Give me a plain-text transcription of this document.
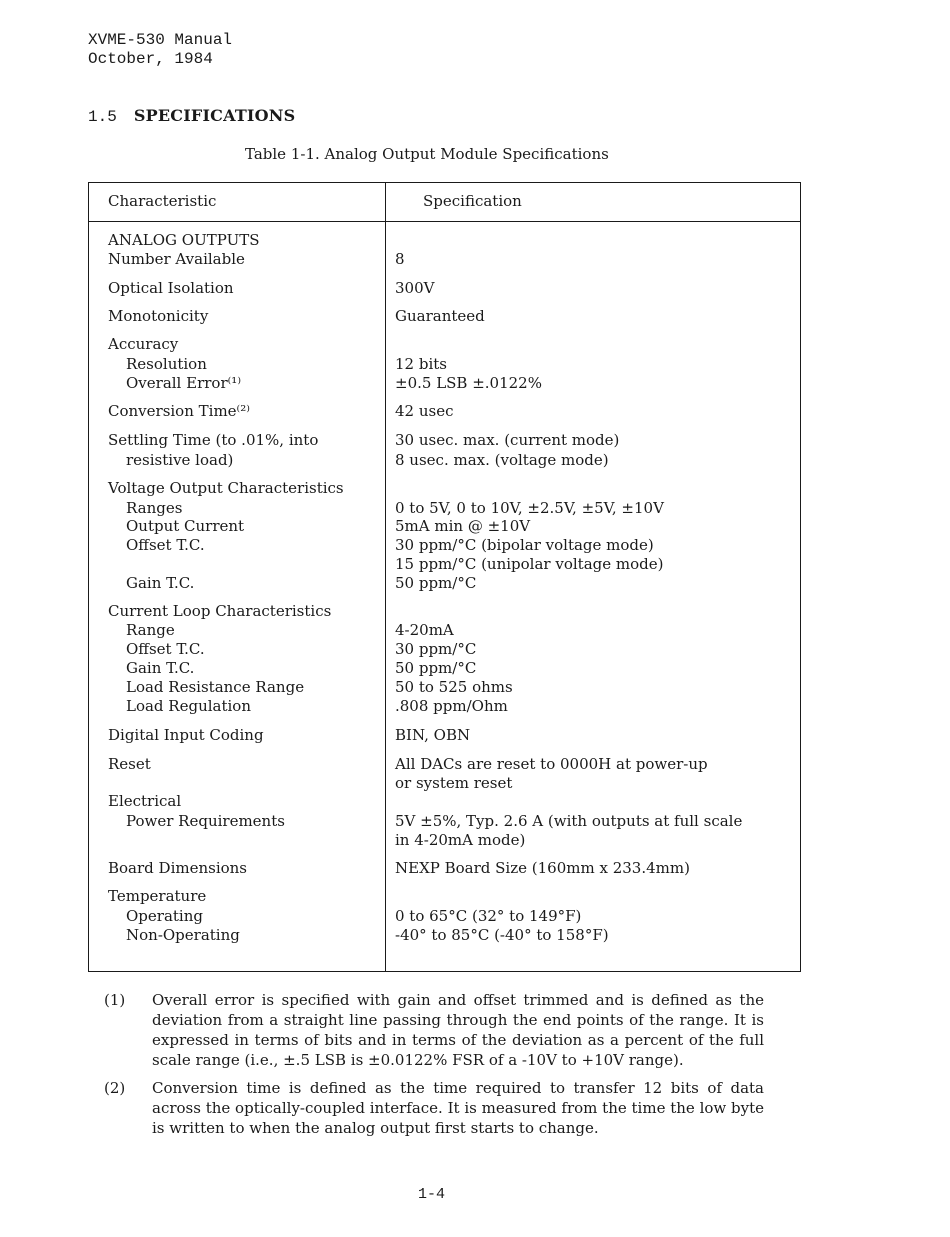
XVME-530 Manual
October, 1984
1.5 SPECIFICATIONS
Table 1-1. Analog Output Module Specifications
Characteristic	Specification
ANALOG OUTPUTS
Number Available	8
Optical Isolation	300V
Monotonicity	Guaranteed
Accuracy
Resolution	12 bits
Overall Error⁽¹⁾	±0.5 LSB ±.0122%
Conversion Time⁽²⁾	42 usec
Settling Time (to .01%, into	30 usec. max. (current mode)
resistive load)	8 usec. max. (voltage mode)
Voltage Output Characteristics
Ranges	0 to 5V, 0 to 10V, ±2.5V, ±5V, ±10V
Output Current	5mA min @ ±10V
Offset T.C.	30 ppm/°C (bipolar voltage mode)
15 ppm/°C (unipolar voltage mode)
Gain T.C.	50 ppm/°C
Current Loop Characteristics
Range	4-20mA
Offset T.C.	30 ppm/°C
Gain T.C.	50 ppm/°C
Load Resistance Range	50 to 525 ohms
Load Regulation	.808 ppm/Ohm
Digital Input Coding	BIN, OBN
Reset	All DACs are reset to 0000H at power-up
or system reset
Electrical
Power Requirements	5V ±5%, Typ. 2.6 A (with outputs at full scale
in 4-20mA mode)
Board Dimensions	NEXP Board Size (160mm x 233.4mm)
Temperature
Operating	0 to 65°C (32° to 149°F)
Non-Operating	-40° to 85°C (-40° to 158°F)
(1) Overall error is specified with gain and offset trimmed and is defined as the deviation from a straight line passing through the end points of the range. It is expressed in terms of bits and in terms of the deviation as a percent of the full scale range (i.e., ±.5 LSB is ±0.0122% FSR of a -10V to +10V range).
(2) Conversion time is defined as the time required to transfer 12 bits of data across the optically-coupled interface. It is measured from the time the low byte is written to when the analog output first starts to change.
1-4
